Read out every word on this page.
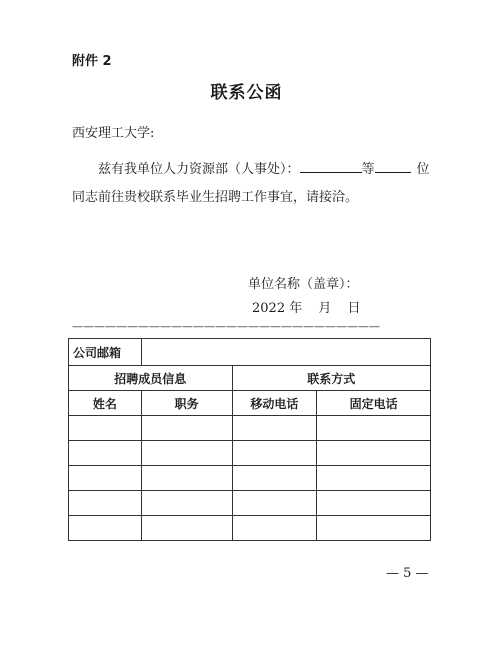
附件 2
联系公函
西安理工大学:
兹有我单位人力资源部（人事处）：	等	位
同志前往贵校联系毕业生招聘工作事宜，请接洽。
单位名称（盖章）：
2022 年 月 日
————————————————————————————
公司邮箱			
招聘成员信息		联系方式	
姓名	职务	移动电话	固定电话

— 5 —
